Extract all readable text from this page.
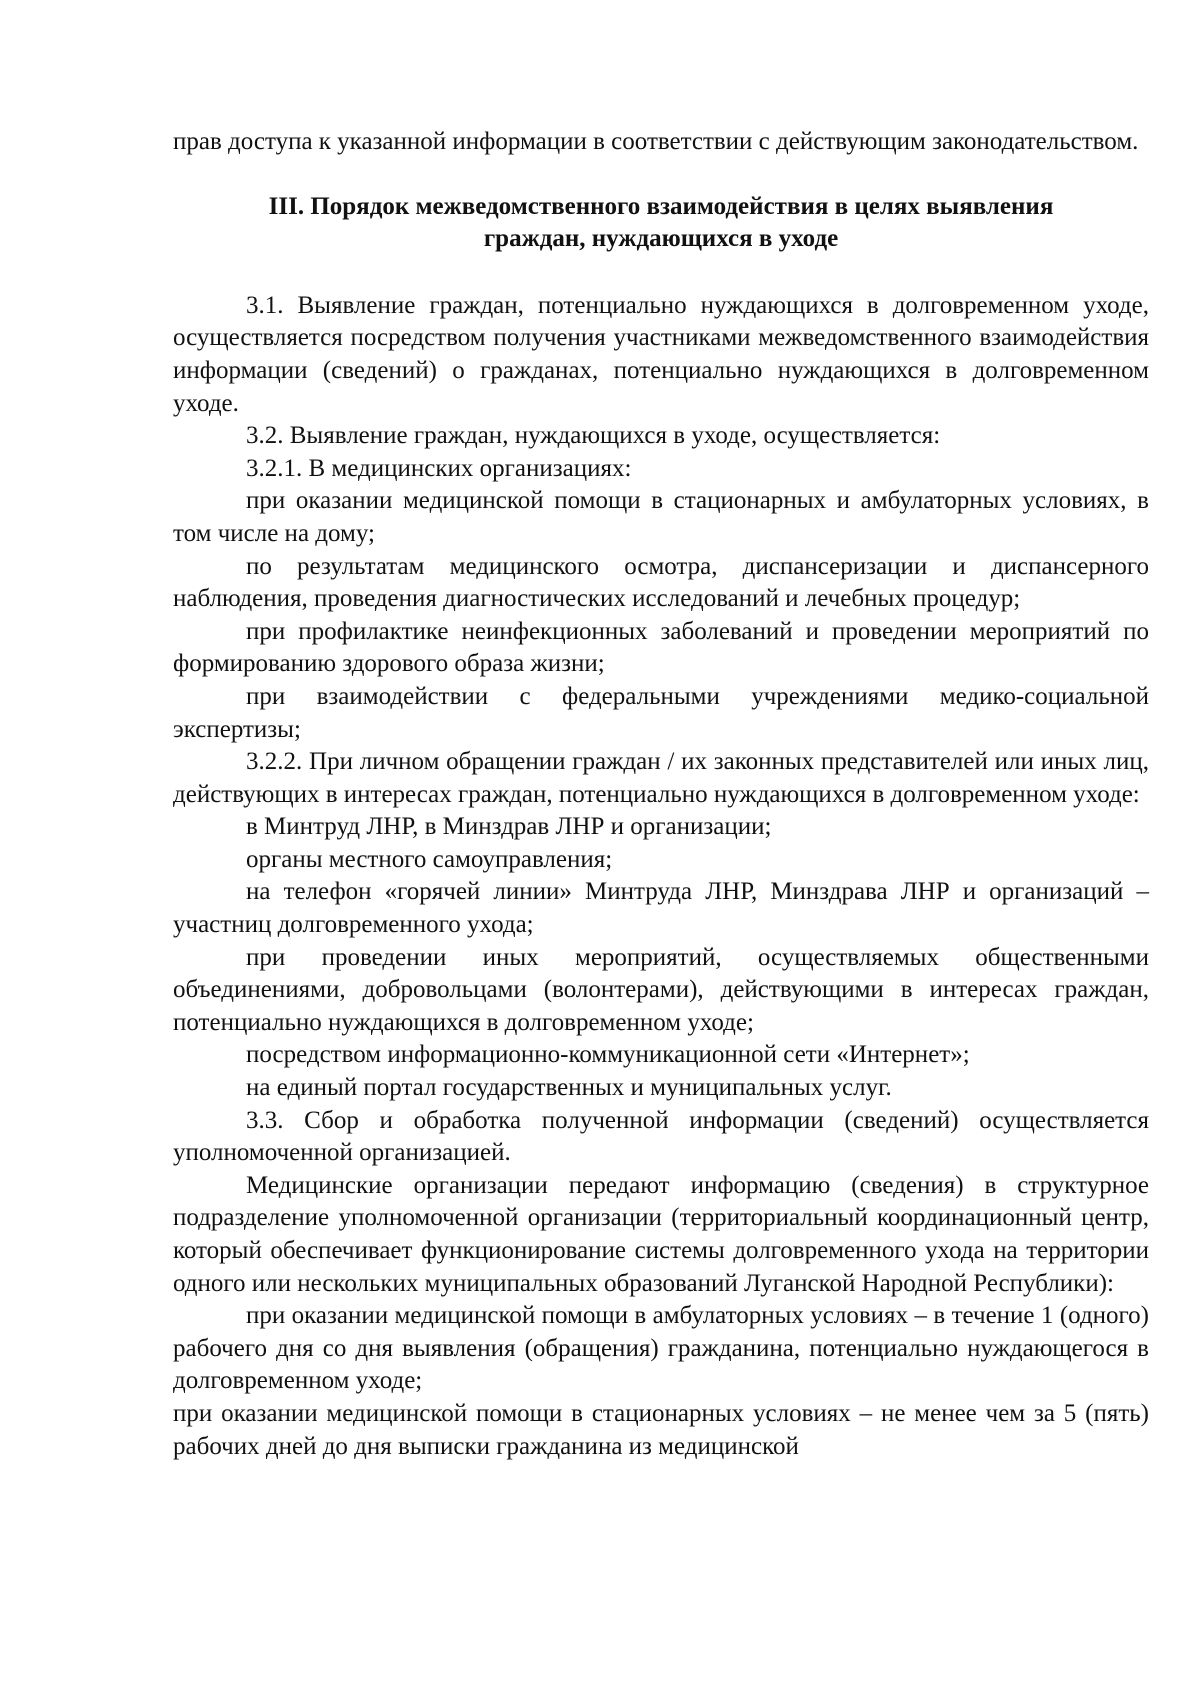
прав доступа к указанной информации в соответствии с действующим законодательством.

III. Порядок межведомственного взаимодействия в целях выявления
граждан, нуждающихся в уходе

3.1. Выявление граждан, потенциально нуждающихся в долговременном уходе, осуществляется посредством получения участниками межведомственного взаимодействия информации (сведений) о гражданах, потенциально нуждающихся в долговременном уходе.

3.2. Выявление граждан, нуждающихся в уходе, осуществляется:

3.2.1. В медицинских организациях:

при оказании медицинской помощи в стационарных и амбулаторных условиях, в том числе на дому;

по результатам медицинского осмотра, диспансеризации и диспансерного наблюдения, проведения диагностических исследований и лечебных процедур;

при профилактике неинфекционных заболеваний и проведении мероприятий по формированию здорового образа жизни;

при взаимодействии с федеральными учреждениями медико-социальной экспертизы;

3.2.2. При личном обращении граждан / их законных представителей или иных лиц, действующих в интересах граждан, потенциально нуждающихся в долговременном уходе:

в Минтруд ЛНР, в Минздрав ЛНР и организации;

органы местного самоуправления;

на телефон «горячей линии» Минтруда ЛНР, Минздрава ЛНР и организаций – участниц долговременного ухода;

при проведении иных мероприятий, осуществляемых общественными объединениями, добровольцами (волонтерами), действующими в интересах граждан, потенциально нуждающихся в долговременном уходе;

посредством информационно-коммуникационной сети «Интернет»;

на единый портал государственных и муниципальных услуг.

3.3. Сбор и обработка полученной информации (сведений) осуществляется уполномоченной организацией.

Медицинские организации передают информацию (сведения) в структурное подразделение уполномоченной организации (территориальный координационный центр, который обеспечивает функционирование системы долговременного ухода на территории одного или нескольких муниципальных образований Луганской Народной Республики):

при оказании медицинской помощи в амбулаторных условиях – в течение 1 (одного) рабочего дня со дня выявления (обращения) гражданина, потенциально нуждающегося в долговременном уходе;

при оказании медицинской помощи в стационарных условиях – не менее чем за 5 (пять) рабочих дней до дня выписки гражданина из медицинской
